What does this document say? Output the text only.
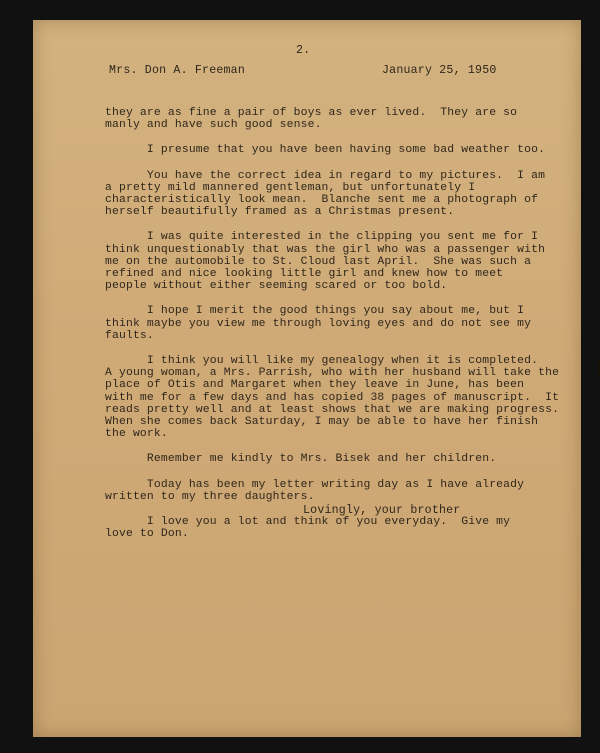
2.
Mrs. Don A. Freeman	January 25, 1950

they are as fine a pair of boys as ever lived.  They are so
manly and have such good sense.

I presume that you have been having some bad weather too.

You have the correct idea in regard to my pictures.  I am
a pretty mild mannered gentleman, but unfortunately I
characteristically look mean.  Blanche sent me a photograph of
herself beautifully framed as a Christmas present.

I was quite interested in the clipping you sent me for I
think unquestionably that was the girl who was a passenger with
me on the automobile to St. Cloud last April.  She was such a
refined and nice looking little girl and knew how to meet
people without either seeming scared or too bold.

I hope I merit the good things you say about me, but I
think maybe you view me through loving eyes and do not see my
faults.

I think you will like my genealogy when it is completed.
A young woman, a Mrs. Parrish, who with her husband will take the
place of Otis and Margaret when they leave in June, has been
with me for a few days and has copied 38 pages of manuscript.  It
reads pretty well and at least shows that we are making progress.
When she comes back Saturday, I may be able to have her finish
the work.

Remember me kindly to Mrs. Bisek and her children.

Today has been my letter writing day as I have already
written to my three daughters.

I love you a lot and think of you everyday.  Give my
love to Don.

Lovingly, your brother
